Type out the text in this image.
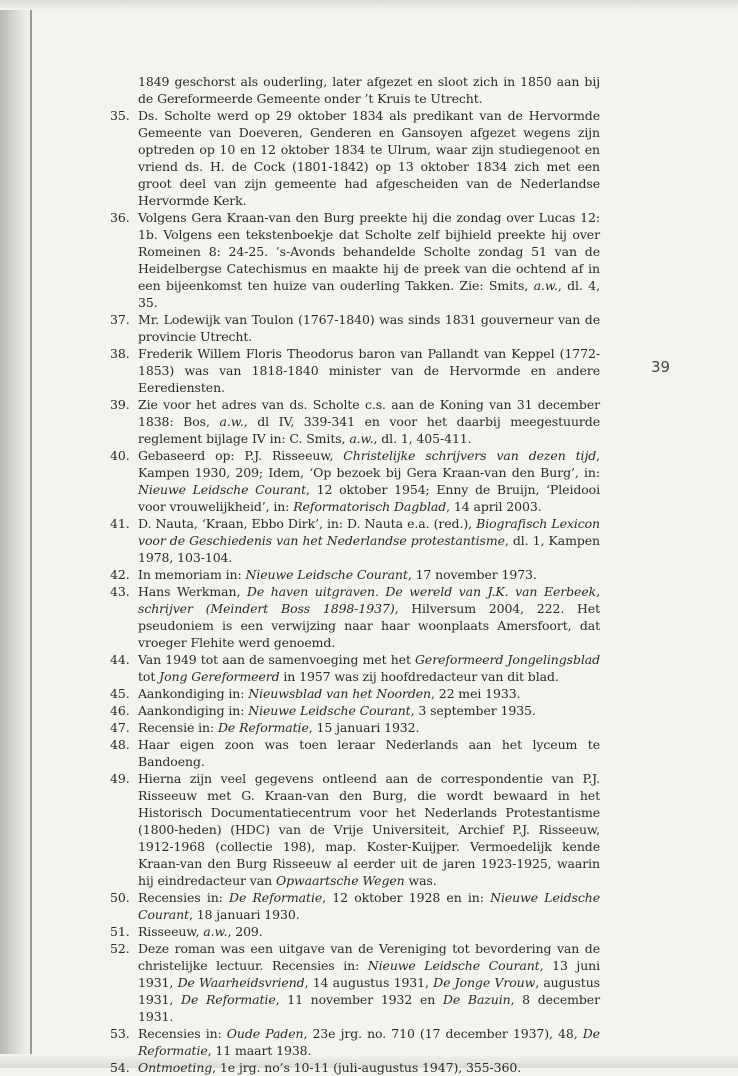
39

1849 geschorst als ouderling, later afgezet en sloot zich in 1850 aan bij de Gereformeerde Gemeente onder ’t Kruis te Utrecht.

35. Ds. Scholte werd op 29 oktober 1834 als predikant van de Hervormde Gemeente van Doeveren, Genderen en Gansoyen afgezet wegens zijn optreden op 10 en 12 oktober 1834 te Ulrum, waar zijn studiegenoot en vriend ds. H. de Cock (1801-1842) op 13 oktober 1834 zich met een groot deel van zijn gemeente had afgescheiden van de Nederlandse Hervormde Kerk.

36. Volgens Gera Kraan-van den Burg preekte hij die zondag over Lucas 12: 1b. Volgens een tekstenboekje dat Scholte zelf bijhield preekte hij over Romeinen 8: 24-25. ’s-Avonds behandelde Scholte zondag 51 van de Heidelbergse Catechismus en maakte hij de preek van die ochtend af in een bijeenkomst ten huize van ouderling Takken. Zie: Smits, a.w., dl. 4, 35.

37. Mr. Lodewijk van Toulon (1767-1840) was sinds 1831 gouverneur van de provincie Utrecht.

38. Frederik Willem Floris Theodorus baron van Pallandt van Keppel (1772-1853) was van 1818-1840 minister van de Hervormde en andere Eerediensten.

39. Zie voor het adres van ds. Scholte c.s. aan de Koning van 31 december 1838: Bos, a.w., dl IV, 339-341 en voor het daarbij meegestuurde reglement bijlage IV in: C. Smits, a.w., dl. 1, 405-411.

40. Gebaseerd op: P.J. Risseeuw, Christelijke schrijvers van dezen tijd, Kampen 1930, 209; Idem, ‘Op bezoek bij Gera Kraan-van den Burg’, in: Nieuwe Leidsche Courant, 12 oktober 1954; Enny de Bruijn, ‘Pleidooi voor vrouwelijkheid’, in: Reformatorisch Dagblad, 14 april 2003.

41. D. Nauta, ‘Kraan, Ebbo Dirk’, in: D. Nauta e.a. (red.), Biografisch Lexicon voor de Geschiedenis van het Nederlandse protestantisme, dl. 1, Kampen 1978, 103-104.

42. In memoriam in: Nieuwe Leidsche Courant, 17 november 1973.

43. Hans Werkman, De haven uitgraven. De wereld van J.K. van Eerbeek, schrijver (Meindert Boss 1898-1937), Hilversum 2004, 222. Het pseudoniem is een verwijzing naar haar woonplaats Amersfoort, dat vroeger Flehite werd genoemd.

44. Van 1949 tot aan de samenvoeging met het Gereformeerd Jongelingsblad tot Jong Gereformeerd in 1957 was zij hoofdredacteur van dit blad.

45. Aankondiging in: Nieuwsblad van het Noorden, 22 mei 1933.

46. Aankondiging in: Nieuwe Leidsche Courant, 3 september 1935.

47. Recensie in: De Reformatie, 15 januari 1932.

48. Haar eigen zoon was toen leraar Nederlands aan het lyceum te Bandoeng.

49. Hierna zijn veel gegevens ontleend aan de correspondentie van P.J. Risseeuw met G. Kraan-van den Burg, die wordt bewaard in het Historisch Documentatiecentrum voor het Nederlands Protestantisme (1800-heden) (HDC) van de Vrije Universiteit, Archief P.J. Risseeuw, 1912-1968 (collectie 198), map. Koster-Kuijper. Vermoedelijk kende Kraan-van den Burg Risseeuw al eerder uit de jaren 1923-1925, waarin hij eindredacteur van Opwaartsche Wegen was.

50. Recensies in: De Reformatie, 12 oktober 1928 en in: Nieuwe Leidsche Courant, 18 januari 1930.

51. Risseeuw, a.w., 209.

52. Deze roman was een uitgave van de Vereniging tot bevordering van de christelijke lectuur. Recensies in: Nieuwe Leidsche Courant, 13 juni 1931, De Waarheidsvriend, 14 augustus 1931, De Jonge Vrouw, augustus 1931, De Reformatie, 11 november 1932 en De Bazuin, 8 december 1931.

53. Recensies in: Oude Paden, 23e jrg. no. 710 (17 december 1937), 48, De Reformatie, 11 maart 1938.

54. Ontmoeting, 1e jrg. no’s 10-11 (juli-augustus 1947), 355-360.
